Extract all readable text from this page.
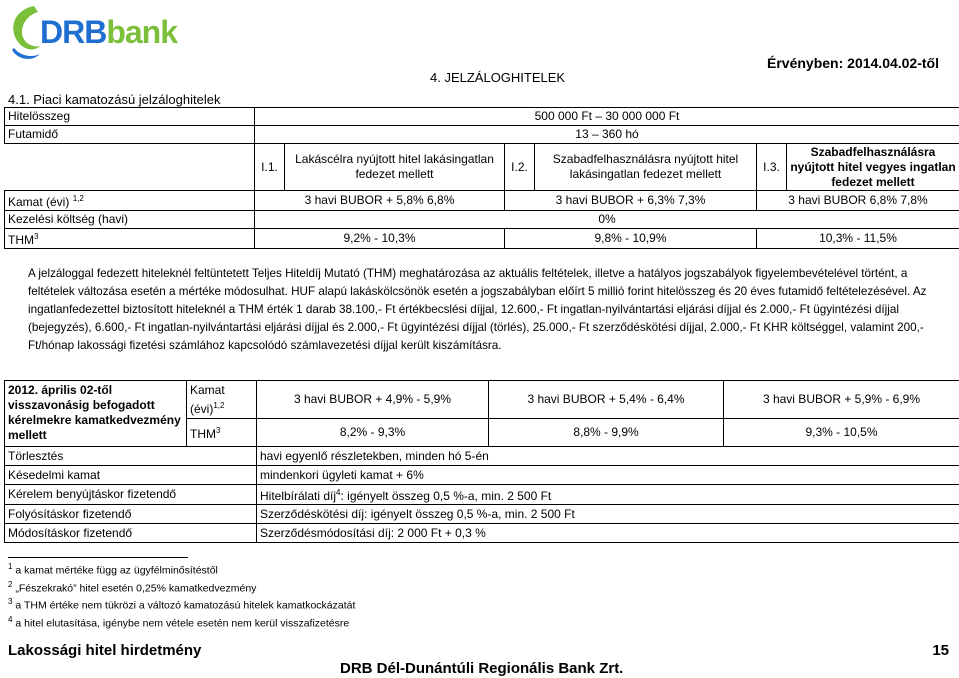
DRBbank
Érvényben: 2014.04.02-től
4. JELZÁLOGHITELEK
4.1. Piaci kamatozású jelzáloghitelek
Hitelösszeg	500 000 Ft – 30 000 000 Ft					
Futamidő	13 – 360 hó					
	I.1.	Lakáscélra nyújtott hitel lakásingatlan fedezet mellett	I.2.	Szabadfelhasználásra nyújtott hitel lakásingatlan fedezet mellett	I.3.	Szabadfelhasználásra nyújtott hitel vegyes ingatlan fedezet mellett
Kamat (évi) $^{1,2}$	3 havi BUBOR + 5,8% 6,8%		3 havi BUBOR + 6,3% 7,3%		3 havi BUBOR 6,8% 7,8%	
Kezelési költség (havi)	0%					
THM$^3$	9,2% - 10,3%		9,8% - 10,9%		10,3% - 11,5%	
A jelzáloggal fedezett hiteleknél feltüntetett Teljes Hiteldíj Mutató (THM) meghatározása az aktuális feltételek, illetve a hatályos jogszabályok figyelembevételével történt, a feltételek változása esetén a mértéke módosulhat. HUF alapú lakáskölcsönök esetén a jogszabályban előírt 5 millió forint hitelösszeg és 20 éves futamidő feltételezésével. Az ingatlanfedezettel biztosított hiteleknél a THM érték 1 darab 38.100,- Ft értékbecslési díjjal, 12.600,- Ft ingatlan-nyilvántartási eljárási díjjal és 2.000,- Ft ügyintézési díjjal (bejegyzés), 6.600,- Ft ingatlan-nyilvántartási eljárási díjjal és 2.000,- Ft ügyintézési díjjal (törlés), 25.000,- Ft szerződéskötési díjjal, 2.000,- Ft KHR költséggel, valamint 200,- Ft/hónap lakossági fizetési számlához kapcsolódó számlavezetési díjjal került kiszámításra.
2012. április 02-től visszavonásig befogadott kérelmekre kamatkedvezmény mellett	Kamat (évi)$^{1,2}$	3 havi BUBOR + 4,9% - 5,9%	3 havi BUBOR + 5,4% - 6,4%	3 havi BUBOR + 5,9% - 6,9%
	THM$^3$	8,2% - 9,3%	8,8% - 9,9%	9,3% - 10,5%
Törlesztés		havi egyenlő részletekben, minden hó 5-én		
Késedelmi kamat		mindenkori ügyleti kamat + 6%		
Kérelem benyújtáskor fizetendő		Hitelbírálati díj$^4$: igényelt összeg 0,5 %-a, min. 2 500 Ft		
Folyósításkor fizetendő		Szerződéskötési díj: igényelt összeg 0,5 %-a, min. 2 500 Ft		
Módosításkor fizetendő		Szerződésmódosítási díj: 2 000 Ft + 0,3 %		
$^1$ a kamat mértéke függ az ügyfélminősítéstől
$^2$ „Fészekrakó” hitel esetén 0,25% kamatkedvezmény
$^3$ a THM értéke nem tükrözi a változó kamatozású hitelek kamatkockázatát
$^4$ a hitel elutasítása, igénybe nem vétele esetén nem kerül visszafizetésre
Lakossági hitel hirdetmény	15
DRB Dél-Dunántúli Regionális Bank Zrt.
